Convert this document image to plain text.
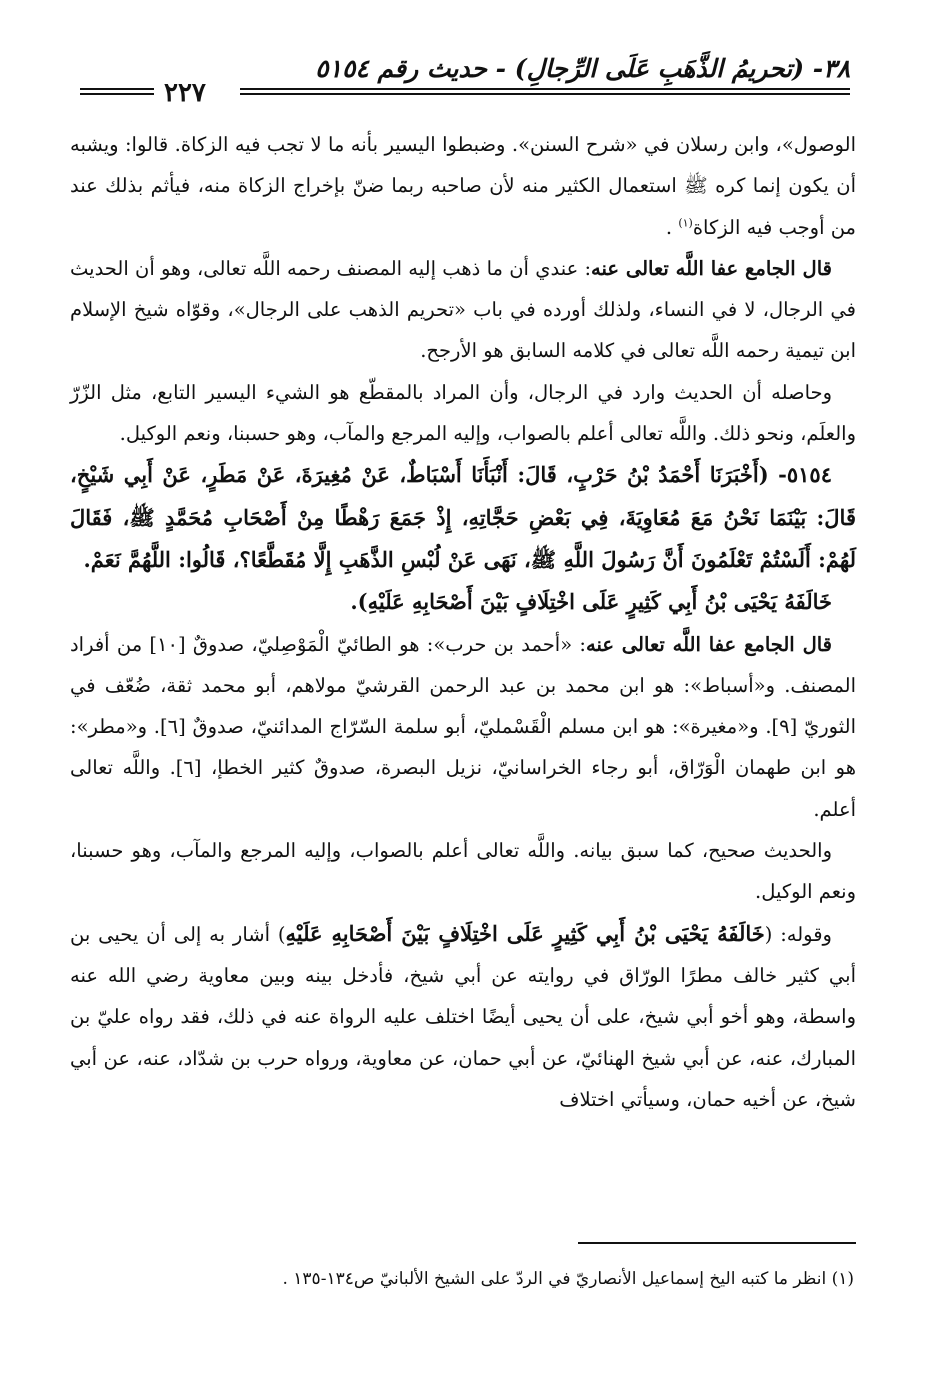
٣٨- (تحريمُ الذَّهَبِ عَلَى الرِّجالِ) - حديث رقم ٥١٥٤
٢٢٧

الوصول»، وابن رسلان في «شرح السنن». وضبطوا اليسير بأنه ما لا تجب فيه الزكاة. قالوا: ويشبه أن يكون إنما كره ﷺ استعمال الكثير منه لأن صاحبه ربما ضنّ بإخراج الزكاة منه، فيأثم بذلك عند من أوجب فيه الزكاة$^{(١)}$ .

قال الجامع عفا اللَّه تعالى عنه: عندي أن ما ذهب إليه المصنف رحمه اللَّه تعالى، وهو أن الحديث في الرجال، لا في النساء، ولذلك أورده في باب «تحريم الذهب على الرجال»، وقوّاه شيخ الإسلام ابن تيمية رحمه اللَّه تعالى في كلامه السابق هو الأرجح.

وحاصله أن الحديث وارد في الرجال، وأن المراد بالمقطّع هو الشيء اليسير التابع، مثل الزّرّ والعلَم، ونحو ذلك. واللَّه تعالى أعلم بالصواب، وإليه المرجع والمآب، وهو حسبنا، ونعم الوكيل.

٥١٥٤- (أَخْبَرَنَا أَحْمَدُ بْنُ حَرْبٍ، قَالَ: أَنْبَأَنَا أَسْبَاطٌ، عَنْ مُغِيرَةَ، عَنْ مَطَرٍ، عَنْ أَبِي شَيْخٍ، قَالَ: بَيْنَمَا نَحْنُ مَعَ مُعَاوِيَةَ، فِي بَعْضِ حَجَّاتِهِ، إِذْ جَمَعَ رَهْطًا مِنْ أَصْحَابِ مُحَمَّدٍ ﷺ، فَقَالَ لَهُمْ: أَلَسْتُمْ تَعْلَمُونَ أَنَّ رَسُولَ اللَّهِ ﷺ، نَهَى عَنْ لُبْسِ الذَّهَبِ إِلَّا مُقَطَّعًا؟، قَالُوا: اللَّهُمَّ نَعَمْ.

خَالَفَهُ يَحْيَى بْنُ أَبِي كَثِيرٍ عَلَى اخْتِلَافٍ بَيْنَ أَصْحَابِهِ عَلَيْهِ).

قال الجامع عفا اللَّه تعالى عنه: «أحمد بن حرب»: هو الطائيّ الْمَوْصِليّ، صدوقٌ [١٠] من أفراد المصنف. و«أسباط»: هو ابن محمد بن عبد الرحمن القرشيّ مولاهم، أبو محمد ثقة، ضُعّف في الثوريّ [٩]. و«مغيرة»: هو ابن مسلم الْقَسْمليّ، أبو سلمة السّرّاج المدائنيّ، صدوقٌ [٦]. و«مطر»: هو ابن طهمان الْوَرّاق، أبو رجاء الخراسانيّ، نزيل البصرة، صدوقٌ كثير الخطإ، [٦]. واللَّه تعالى أعلم.

والحديث صحيح، كما سبق بيانه. واللَّه تعالى أعلم بالصواب، وإليه المرجع والمآب، وهو حسبنا، ونعم الوكيل.

وقوله: (خَالَفَهُ يَحْيَى بْنُ أَبِي كَثِيرٍ عَلَى اخْتِلَافٍ بَيْنَ أَصْحَابِهِ عَلَيْهِ) أشار به إلى أن يحيى بن أبي كثير خالف مطرًا الورّاق في روايته عن أبي شيخ، فأدخل بينه وبين معاوية رضي الله عنه واسطة، وهو أخو أبي شيخ، على أن يحيى أيضًا اختلف عليه الرواة عنه في ذلك، فقد رواه عليّ بن المبارك، عنه، عن أبي شيخ الهنائيّ، عن أبي حمان، عن معاوية، ورواه حرب بن شدّاد، عنه، عن أبي شيخ، عن أخيه حمان، وسيأتي اختلاف

(١) انظر ما كتبه اليخ إسماعيل الأنصاريّ في الردّ على الشيخ الألبانيّ ص١٣٤-١٣٥ .
